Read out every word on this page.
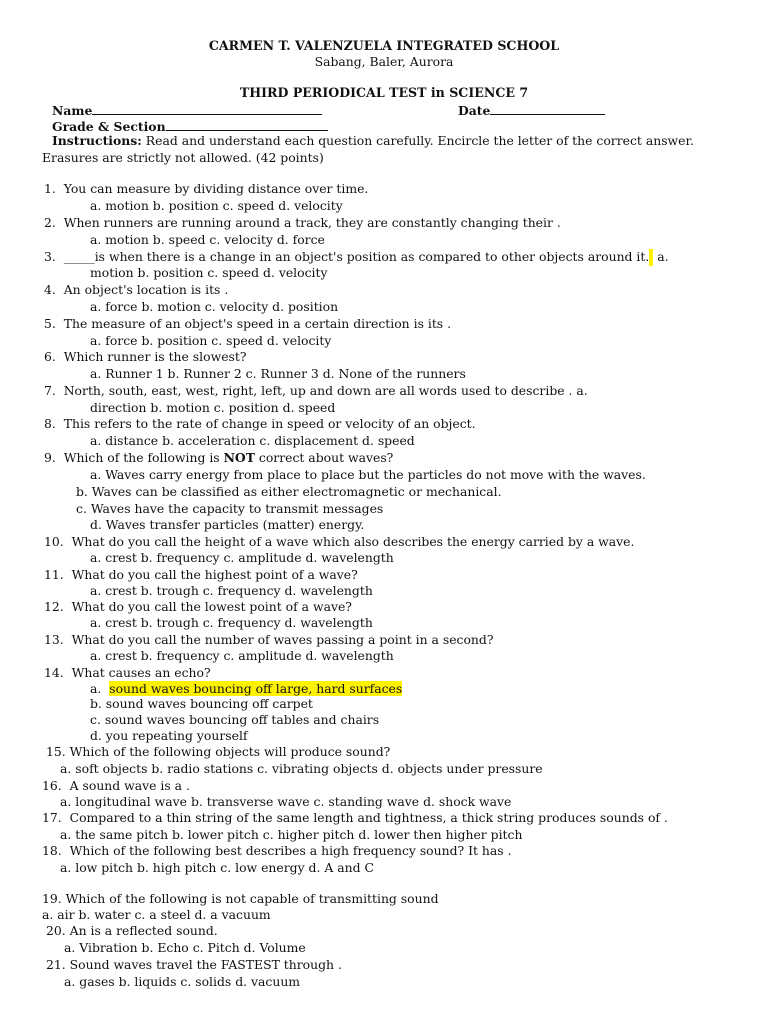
CARMEN T. VALENZUELA INTEGRATED SCHOOL
Sabang, Baler, Aurora
THIRD PERIODICAL TEST in SCIENCE 7
Name	Date
Grade & Section
Instructions: Read and understand each question carefully. Encircle the letter of the correct answer. Erasures are strictly not allowed. (42 points)
1. You can measure by dividing distance over time.
a. motion b. position c. speed d. velocity
2. When runners are running around a track, they are constantly changing their .
a. motion b. speed c. velocity d. force
3. _____is when there is a change in an object's position as compared to other objects around it.  a.
motion b. position c. speed d. velocity
4. An object's location is its .
a. force b. motion c. velocity d. position
5. The measure of an object's speed in a certain direction is its .
a. force b. position c. speed d. velocity
6. Which runner is the slowest?
a. Runner 1 b. Runner 2 c. Runner 3 d. None of the runners
7. North, south, east, west, right, left, up and down are all words used to describe . a.
direction b. motion c. position d. speed
8. This refers to the rate of change in speed or velocity of an object.
a. distance b. acceleration c. displacement d. speed
9. Which of the following is NOT correct about waves?
a. Waves carry energy from place to place but the particles do not move with the waves.
b. Waves can be classified as either electromagnetic or mechanical.
c. Waves have the capacity to transmit messages
d. Waves transfer particles (matter) energy.
10. What do you call the height of a wave which also describes the energy carried by a wave.
a. crest b. frequency c. amplitude d. wavelength
11. What do you call the highest point of a wave?
a. crest b. trough c. frequency d. wavelength
12. What do you call the lowest point of a wave?
a. crest b. trough c. frequency d. wavelength
13.  What do you call the number of waves passing a point in a second?
a. crest b. frequency c. amplitude d. wavelength
14. What causes an echo?
a. sound waves bouncing off large, hard surfaces
b. sound waves bouncing off carpet
c. sound waves bouncing off tables and chairs
d. you repeating yourself
15. Which of the following objects will produce sound?
a. soft objects b. radio stations c. vibrating objects d. objects under pressure
16. A sound wave is a .
a. longitudinal wave b. transverse wave c. standing wave d. shock wave
17. Compared to a thin string of the same length and tightness, a thick string produces sounds of .
a. the same pitch b. lower pitch c. higher pitch d. lower then higher pitch
18. Which of the following best describes a high frequency sound? It has .
a. low pitch b. high pitch c. low energy d. A and C
19. Which of the following is not capable of transmitting sound
a. air b. water c. a steel d. a vacuum
20. An is a reflected sound.
a. Vibration b. Echo c. Pitch d. Volume
21. Sound waves travel the FASTEST through .
a. gases b. liquids c. solids d. vacuum
